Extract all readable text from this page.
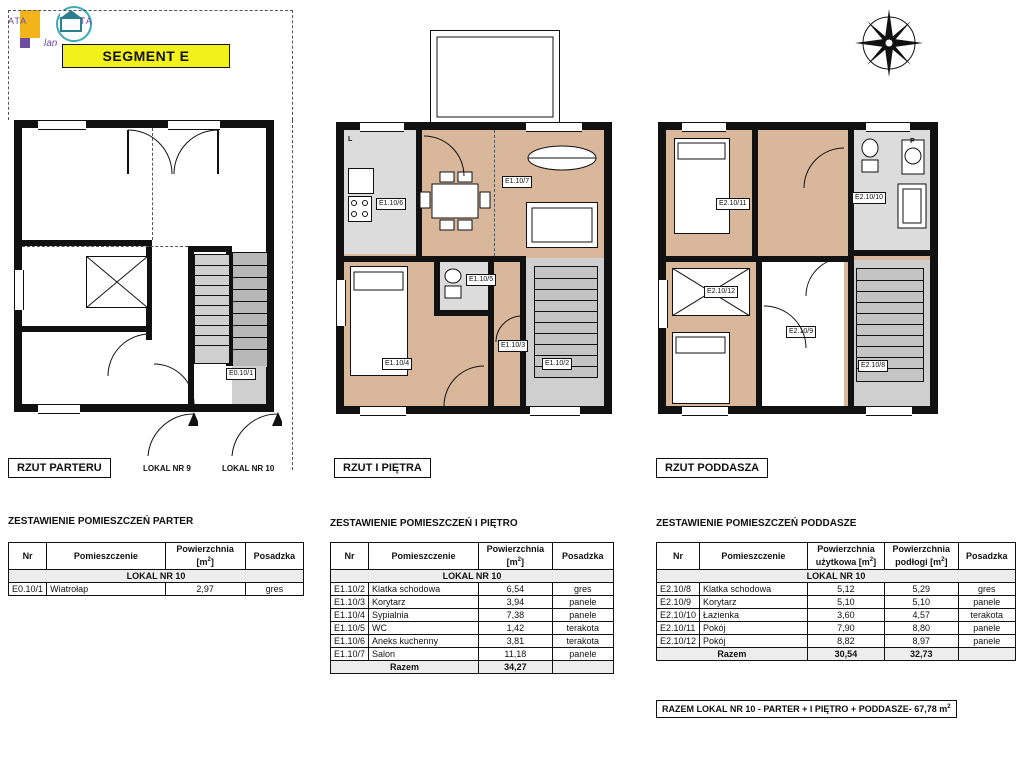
ATA	TA
lan
SEGMENT E
E0.10/1
RZUT PARTERU	LOKAL NR 9	LOKAL NR 10
E1.10/6
L
E1.10/7
E1.10/4
E1.10/5
E1.10/3
E1.10/2
RZUT I PIĘTRA
E2.10/11
E2.10/10
P
E2.10/12
E2.10/9
E2.10/8
RZUT PODDASZA
ZESTAWIENIE POMIESZCZEŃ PARTER
Nr	Pomieszczenie	Powierzchnia
$[m^2]$	Posadzka
LOKAL NR 10			
E0.10/1	Wiatrołap	2,97	gres
ZESTAWIENIE POMIESZCZEŃ I PIĘTRO
Nr	Pomieszczenie	Powierzchnia
$[m^2]$	Posadzka
LOKAL NR 10			
E1.10/2	Klatka schodowa	6,54	gres
E1.10/3	Korytarz	3,94	panele
E1.10/4	Sypialnia	7,38	panele
E1.10/5	WC	1,42	terakota
E1.10/6	Aneks kuchenny	3,81	terakota
E1.10/7	Salon	11,18	panele
Razem		34,27	
ZESTAWIENIE POMIESZCZEŃ PODDASZE
Nr	Pomieszczenie	Powierzchnia
użytkowa $[m^2]$	Powierzchnia
podłogi $[m^2]$	Posadzka
LOKAL NR 10				
E2.10/8	Klatka schodowa	5,12	5,29	gres
E2.10/9	Korytarz	5,10	5,10	panele
E2.10/10	Łazienka	3,60	4,57	terakota
E2.10/11	Pokój	7,90	8,80	panele
E2.10/12	Pokój	8,82	8,97	panele
Razem		30,54	32,73	
RAZEM LOKAL NR 10 - PARTER + I PIĘTRO + PODDASZE- 67,78 $m^2$
